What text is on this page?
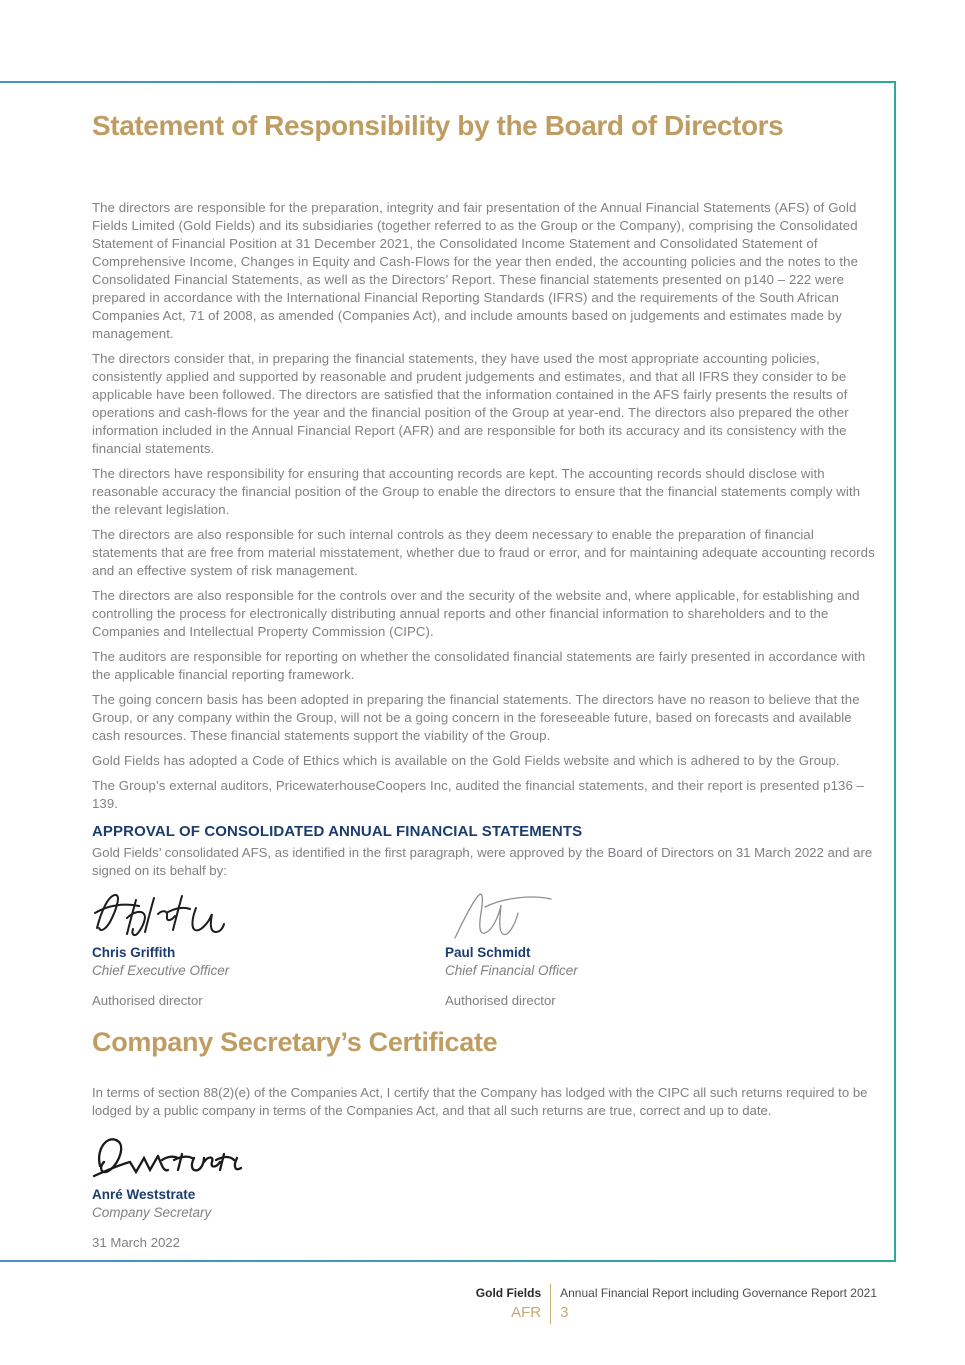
Statement of Responsibility by the Board of Directors

The directors are responsible for the preparation, integrity and fair presentation of the Annual Financial Statements (AFS) of Gold Fields Limited (Gold Fields) and its subsidiaries (together referred to as the Group or the Company), comprising the Consolidated Statement of Financial Position at 31 December 2021, the Consolidated Income Statement and Consolidated Statement of Comprehensive Income, Changes in Equity and Cash-Flows for the year then ended, the accounting policies and the notes to the Consolidated Financial Statements, as well as the Directors’ Report. These financial statements presented on p140 – 222 were prepared in accordance with the International Financial Reporting Standards (IFRS) and the requirements of the South African Companies Act, 71 of 2008, as amended (Companies Act), and include amounts based on judgements and estimates made by management.

The directors consider that, in preparing the financial statements, they have used the most appropriate accounting policies, consistently applied and supported by reasonable and prudent judgements and estimates, and that all IFRS they consider to be applicable have been followed. The directors are satisfied that the information contained in the AFS fairly presents the results of operations and cash-flows for the year and the financial position of the Group at year-end. The directors also prepared the other information included in the Annual Financial Report (AFR) and are responsible for both its accuracy and its consistency with the financial statements.

The directors have responsibility for ensuring that accounting records are kept. The accounting records should disclose with reasonable accuracy the financial position of the Group to enable the directors to ensure that the financial statements comply with the relevant legislation.

The directors are also responsible for such internal controls as they deem necessary to enable the preparation of financial statements that are free from material misstatement, whether due to fraud or error, and for maintaining adequate accounting records and an effective system of risk management.

The directors are also responsible for the controls over and the security of the website and, where applicable, for establishing and controlling the process for electronically distributing annual reports and other financial information to shareholders and to the Companies and Intellectual Property Commission (CIPC).

The auditors are responsible for reporting on whether the consolidated financial statements are fairly presented in accordance with the applicable financial reporting framework.

The going concern basis has been adopted in preparing the financial statements. The directors have no reason to believe that the Group, or any company within the Group, will not be a going concern in the foreseeable future, based on forecasts and available cash resources. These financial statements support the viability of the Group.

Gold Fields has adopted a Code of Ethics which is available on the Gold Fields website and which is adhered to by the Group.

The Group’s external auditors, PricewaterhouseCoopers Inc, audited the financial statements, and their report is presented p136 – 139.

APPROVAL OF CONSOLIDATED ANNUAL FINANCIAL STATEMENTS

Gold Fields’ consolidated AFS, as identified in the first paragraph, were approved by the Board of Directors on 31 March 2022 and are signed on its behalf by:

Chris Griffith
Chief Executive Officer
Authorised director
Paul Schmidt
Chief Financial Officer
Authorised director
Company Secretary’s Certificate

In terms of section 88(2)(e) of the Companies Act, I certify that the Company has lodged with the CIPC all such returns required to be lodged by a public company in terms of the Companies Act, and that all such returns are true, correct and up to date.

Anré Weststrate
Company Secretary
31 March 2022
Gold Fields	Annual Financial Report including Governance Report 2021
AFR	3
